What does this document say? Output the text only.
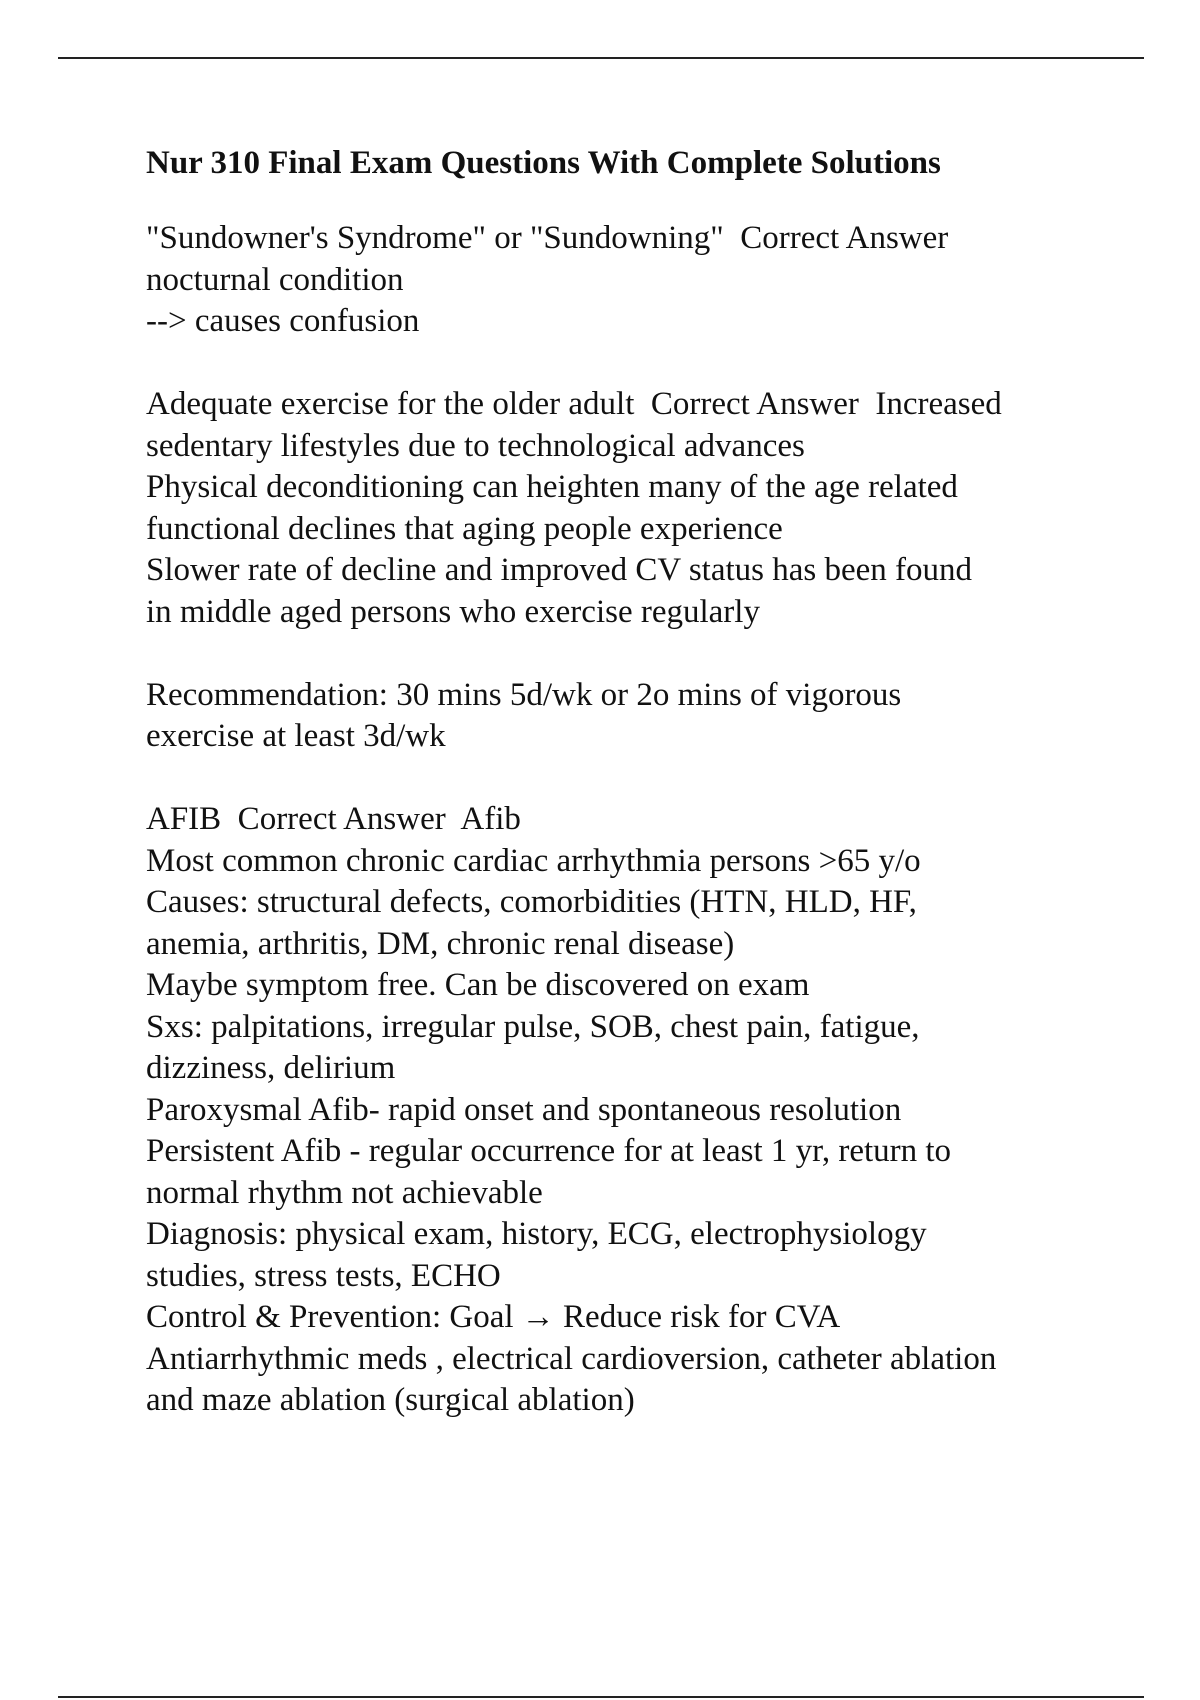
Nur 310 Final Exam Questions With Complete Solutions

"Sundowner's Syndrome" or "Sundowning"  Correct Answer

nocturnal condition

--> causes confusion

Adequate exercise for the older adult  Correct Answer  Increased

sedentary lifestyles due to technological advances

Physical deconditioning can heighten many of the age related

functional declines that aging people experience

Slower rate of decline and improved CV status has been found

in middle aged persons who exercise regularly

Recommendation: 30 mins 5d/wk or 2o mins of vigorous

exercise at least 3d/wk

AFIB  Correct Answer  Afib

Most common chronic cardiac arrhythmia persons >65 y/o

Causes: structural defects, comorbidities (HTN, HLD, HF,

anemia, arthritis, DM, chronic renal disease)

Maybe symptom free. Can be discovered on exam

Sxs: palpitations, irregular pulse, SOB, chest pain, fatigue,

dizziness, delirium

Paroxysmal Afib- rapid onset and spontaneous resolution

Persistent Afib - regular occurrence for at least 1 yr, return to

normal rhythm not achievable

Diagnosis: physical exam, history, ECG, electrophysiology

studies, stress tests, ECHO

Control & Prevention: Goal → Reduce risk for CVA

Antiarrhythmic meds , electrical cardioversion, catheter ablation

and maze ablation (surgical ablation)
